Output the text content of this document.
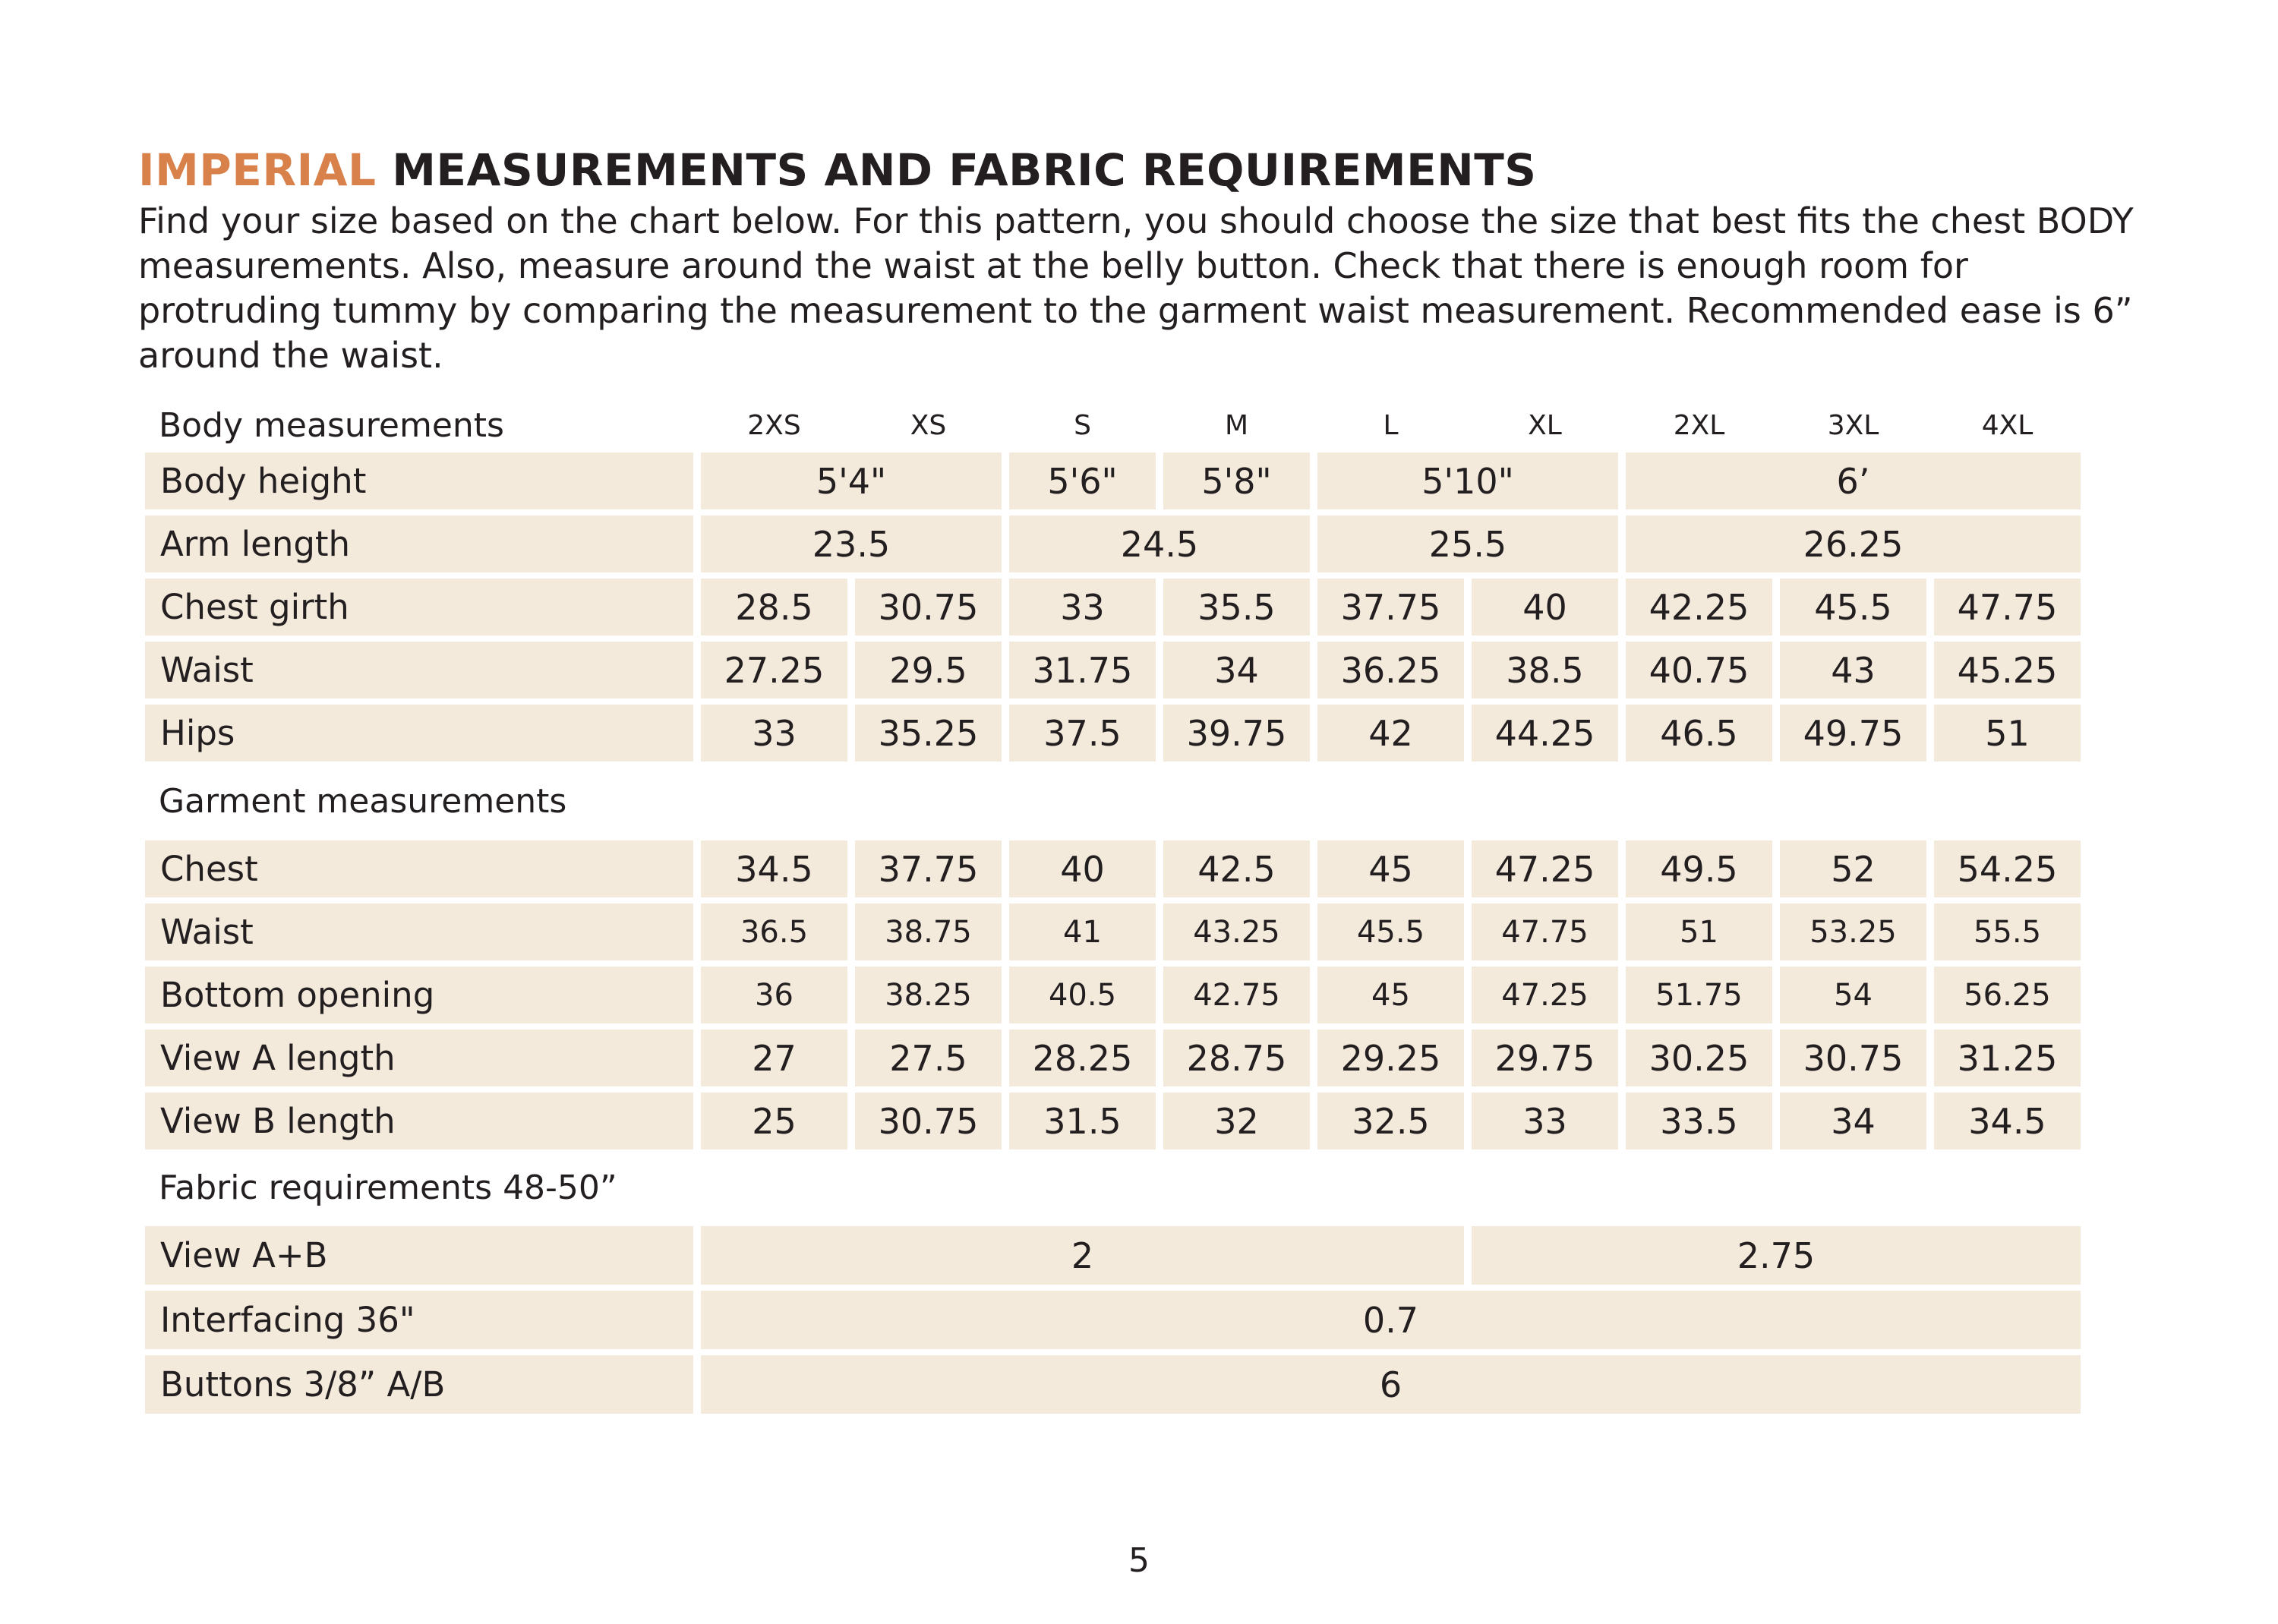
IMPERIAL MEASUREMENTS AND FABRIC REQUIREMENTS

Find your size based on the chart below. For this pattern, you should choose the size that best fits the chest BODY measurements. Also, measure around the waist at the belly button. Check that there is enough room for protruding tummy by comparing the measurement to the garment waist measurement. Recommended ease is 6” around the waist.

Body measurements	2XS	XS	S	M	L	XL	2XL	3XL	4XL
Body height	5'4"	5'6"	5'8"	5'10"	6’
Arm length	23.5	24.5	25.5	26.25
Chest girth	28.5	30.75	33	35.5	37.75	40	42.25	45.5	47.75
Waist	27.25	29.5	31.75	34	36.25	38.5	40.75	43	45.25
Hips	33	35.25	37.5	39.75	42	44.25	46.5	49.75	51
Garment measurements
Chest	34.5	37.75	40	42.5	45	47.25	49.5	52	54.25
Waist	36.5	38.75	41	43.25	45.5	47.75	51	53.25	55.5
Bottom opening	36	38.25	40.5	42.75	45	47.25	51.75	54	56.25
View A length	27	27.5	28.25	28.75	29.25	29.75	30.25	30.75	31.25
View B length	25	30.75	31.5	32	32.5	33	33.5	34	34.5
Fabric requirements 48-50”
View A+B	2	2.75
Interfacing 36"	0.7
Buttons 3/8” A/B	6
5
